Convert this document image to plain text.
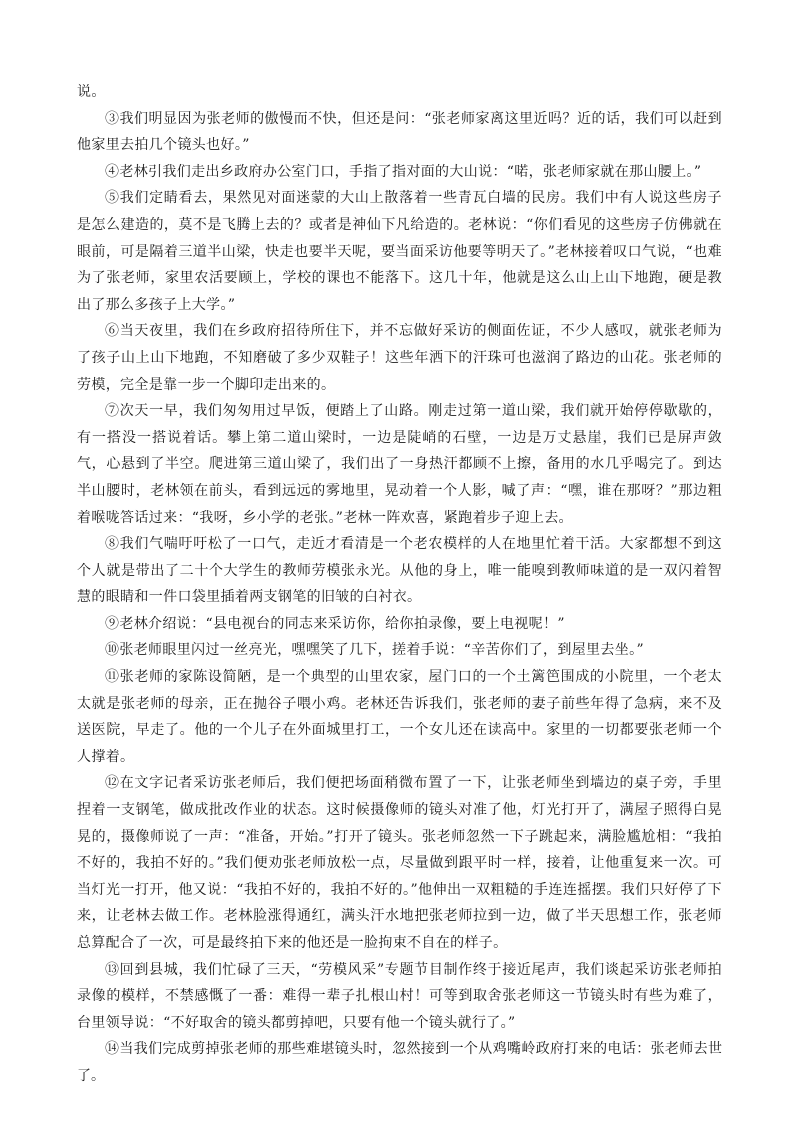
说。

③我们明显因为张老师的傲慢而不快，但还是问：“张老师家离这里近吗？近的话，我们可以赶到他家里去拍几个镜头也好。”

④老林引我们走出乡政府办公室门口，手指了指对面的大山说：“喏，张老师家就在那山腰上。”

⑤我们定睛看去，果然见对面迷蒙的大山上散落着一些青瓦白墙的民房。我们中有人说这些房子是怎么建造的，莫不是飞腾上去的？或者是神仙下凡给造的。老林说：“你们看见的这些房子仿佛就在眼前，可是隔着三道半山梁，快走也要半天呢，要当面采访他要等明天了。”老林接着叹口气说，“也难为了张老师，家里农活要顾上，学校的课也不能落下。这几十年，他就是这么山上山下地跑，硬是教出了那么多孩子上大学。”

⑥当天夜里，我们在乡政府招待所住下，并不忘做好采访的侧面佐证，不少人感叹，就张老师为了孩子山上山下地跑，不知磨破了多少双鞋子！这些年洒下的汗珠可也滋润了路边的山花。张老师的劳模，完全是靠一步一个脚印走出来的。

⑦次天一早，我们匆匆用过早饭，便踏上了山路。刚走过第一道山梁，我们就开始停停歇歇的，有一搭没一搭说着话。攀上第二道山梁时，一边是陡峭的石壁，一边是万丈悬崖，我们已是屏声敛气，心悬到了半空。爬进第三道山梁了，我们出了一身热汗都顾不上擦，备用的水几乎喝完了。到达半山腰时，老林领在前头，看到远远的雾地里，晃动着一个人影，喊了声：“嘿，谁在那呀？”那边粗着喉咙答话过来：“我呀，乡小学的老张。”老林一阵欢喜，紧跑着步子迎上去。

⑧我们气喘吁吁松了一口气，走近才看清是一个老农模样的人在地里忙着干活。大家都想不到这个人就是带出了二十个大学生的教师劳模张永光。从他的身上，唯一能嗅到教师味道的是一双闪着智慧的眼睛和一件口袋里插着两支钢笔的旧皱的白衬衣。

⑨老林介绍说：“县电视台的同志来采访你，给你拍录像，要上电视呢！”

⑩张老师眼里闪过一丝亮光，嘿嘿笑了几下，搓着手说：“辛苦你们了，到屋里去坐。”

⑪张老师的家陈设简陋，是一个典型的山里农家，屋门口的一个土篱笆围成的小院里，一个老太太就是张老师的母亲，正在抛谷子喂小鸡。老林还告诉我们，张老师的妻子前些年得了急病，来不及送医院，早走了。他的一个儿子在外面城里打工，一个女儿还在读高中。家里的一切都要张老师一个人撑着。

⑫在文字记者采访张老师后，我们便把场面稍微布置了一下，让张老师坐到墙边的桌子旁，手里捏着一支钢笔，做成批改作业的状态。这时候摄像师的镜头对准了他，灯光打开了，满屋子照得白晃晃的，摄像师说了一声：“准备，开始。”打开了镜头。张老师忽然一下子跳起来，满脸尴尬相：“我拍不好的，我拍不好的。”我们便劝张老师放松一点，尽量做到跟平时一样，接着，让他重复来一次。可当灯光一打开，他又说：“我拍不好的，我拍不好的。”他伸出一双粗糙的手连连摇摆。我们只好停了下来，让老林去做工作。老林脸涨得通红，满头汗水地把张老师拉到一边，做了半天思想工作，张老师总算配合了一次，可是最终拍下来的他还是一脸拘束不自在的样子。

⑬回到县城，我们忙碌了三天，“劳模风采”专题节目制作终于接近尾声，我们谈起采访张老师拍录像的模样，不禁感慨了一番：难得一辈子扎根山村！可等到取舍张老师这一节镜头时有些为难了，台里领导说：“不好取舍的镜头都剪掉吧，只要有他一个镜头就行了。”

⑭当我们完成剪掉张老师的那些难堪镜头时，忽然接到一个从鸡嘴岭政府打来的电话：张老师去世了。
